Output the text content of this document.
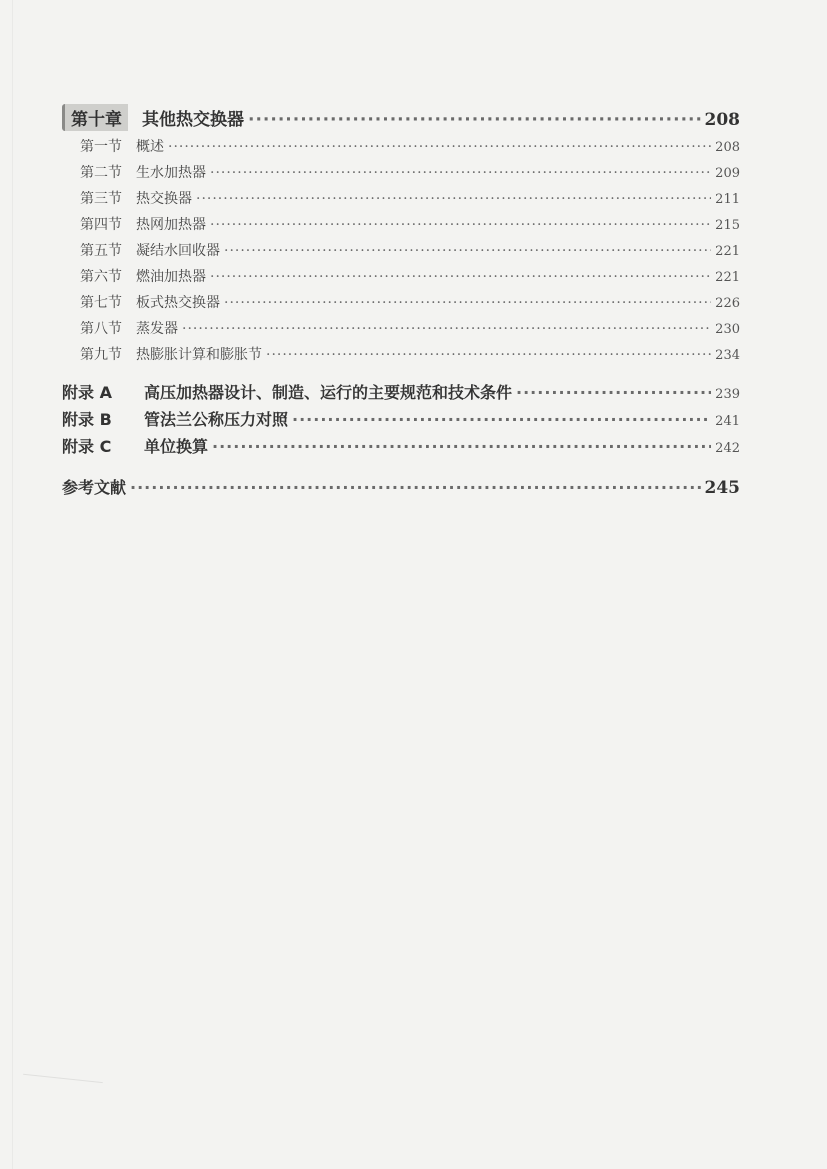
第十章	其他热交换器 ·····	208
第一节	概述 ·····	208
第二节	生水加热器 ·····	209
第三节	热交换器 ·····	211
第四节	热网加热器 ·····	215
第五节	凝结水回收器 ·····	221
第六节	燃油加热器 ·····	221
第七节	板式热交换器 ·····	226
第八节	蒸发器 ·····	230
第九节	热膨胀计算和膨胀节 ·····	234
附录 A	高压加热器设计、制造、运行的主要规范和技术条件 ·····	239
附录 B	管法兰公称压力对照 ·····	241
附录 C	单位换算 ·····	242
参考文献 ·····	245
